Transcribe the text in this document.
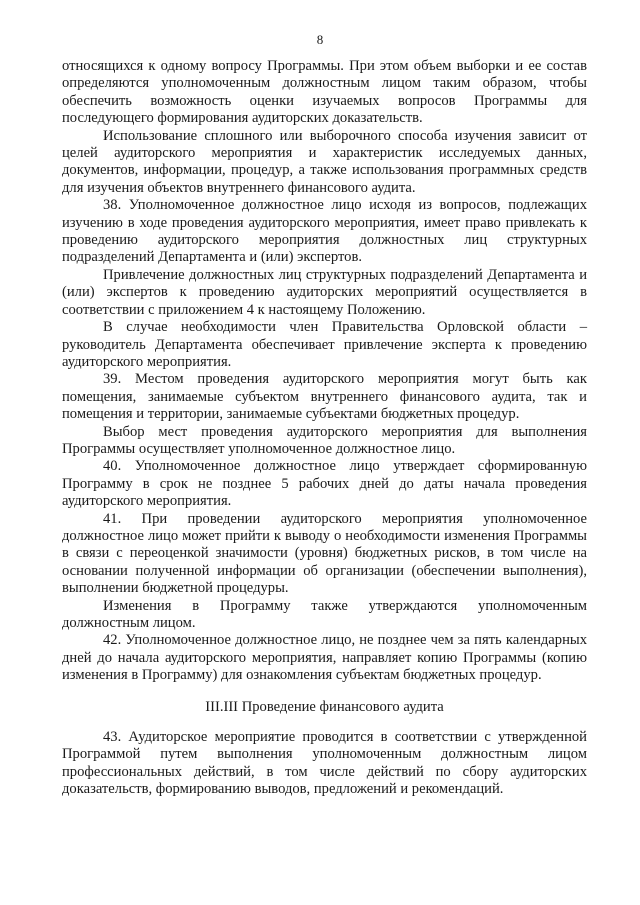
8

относящихся к одному вопросу Программы. При этом объем выборки и ее состав определяются уполномоченным должностным лицом таким образом, чтобы обеспечить возможность оценки изучаемых вопросов Программы для последующего формирования аудиторских доказательств.

Использование сплошного или выборочного способа изучения зависит от целей аудиторского мероприятия и характеристик исследуемых данных, документов, информации, процедур, а также использования программных средств для изучения объектов внутреннего финансового аудита.

38. Уполномоченное должностное лицо исходя из вопросов, подлежащих изучению в ходе проведения аудиторского мероприятия, имеет право привлекать к проведению аудиторского мероприятия должностных лиц структурных подразделений Департамента и (или) экспертов.

Привлечение должностных лиц структурных подразделений Департамента и (или) экспертов к проведению аудиторских мероприятий осуществляется в соответствии с приложением 4 к настоящему Положению.

В случае необходимости член Правительства Орловской области – руководитель Департамента обеспечивает привлечение эксперта к проведению аудиторского мероприятия.

39. Местом проведения аудиторского мероприятия могут быть как помещения, занимаемые субъектом внутреннего финансового аудита, так и помещения и территории, занимаемые субъектами бюджетных процедур.

Выбор мест проведения аудиторского мероприятия для выполнения Программы осуществляет уполномоченное должностное лицо.

40. Уполномоченное должностное лицо утверждает сформированную Программу в срок не позднее 5 рабочих дней до даты начала проведения аудиторского мероприятия.

41. При проведении аудиторского мероприятия уполномоченное должностное лицо может прийти к выводу о необходимости изменения Программы в связи с переоценкой значимости (уровня) бюджетных рисков, в том числе на основании полученной информации об организации (обеспечении выполнения), выполнении бюджетной процедуры.

Изменения в Программу также утверждаются уполномоченным должностным лицом.

42. Уполномоченное должностное лицо, не позднее чем за пять календарных дней до начала аудиторского мероприятия, направляет копию Программы (копию изменения в Программу) для ознакомления субъектам бюджетных процедур.

III.III Проведение финансового аудита

43. Аудиторское мероприятие проводится в соответствии с утвержденной Программой путем выполнения уполномоченным должностным лицом профессиональных действий, в том числе действий по сбору аудиторских доказательств, формированию выводов, предложений и рекомендаций.
